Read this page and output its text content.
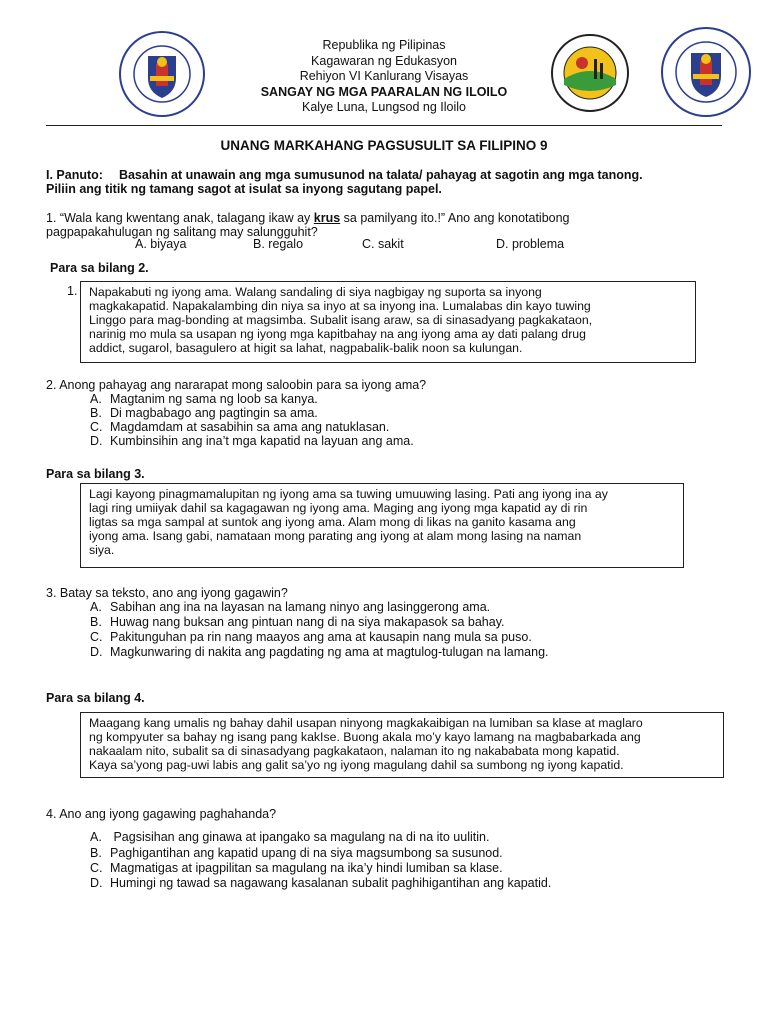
Republika ng Pilipinas
Kagawaran ng Edukasyon
Rehiyon VI Kanlurang Visayas
SANGAY NG MGA PAARALAN NG ILOILO
Kalye Luna, Lungsod ng Iloilo
UNANG MARKAHANG PAGSUSULIT SA FILIPINO 9
I. Panuto: Basahin at unawain ang mga sumusunod na talata/ pahayag at sagotin ang mga tanong.
Piliin ang titik ng tamang sagot at isulat sa inyong sagutang papel.
1. “Wala kang kwentang anak, talagang ikaw ay krus sa pamilyang ito.!” Ano ang konotatibong
pagpapakahulugan ng salitang may salungguhit?
A. biyaya	B. regalo	C. sakit	D. problema
Para sa bilang 2.
1. Napakabuti ng iyong ama. Walang sandaling di siya nagbigay ng suporta sa inyong
magkakapatid. Napakalambing din niya sa inyo at sa inyong ina. Lumalabas din kayo tuwing
Linggo para mag-bonding at magsimba. Subalit isang araw, sa di sinasadyang pagkakataon,
narinig mo mula sa usapan ng iyong mga kapitbahay na ang iyong ama ay dati palang drug
addict, sugarol, basagulero at higit sa lahat, nagpabalik-balik noon sa kulungan.
2. Anong pahayag ang nararapat mong saloobin para sa iyong ama?
A. Magtanim ng sama ng loob sa kanya.
B. Di magbabago ang pagtingin sa ama.
C. Magdamdam at sasabihin sa ama ang natuklasan.
D. Kumbinsihin ang ina’t mga kapatid na layuan ang ama.
Para sa bilang 3.
Lagi kayong pinagmamalupitan ng iyong ama sa tuwing umuuwing lasing. Pati ang iyong ina ay
lagi ring umiiyak dahil sa kagagawan ng iyong ama. Maging ang iyong mga kapatid ay di rin
ligtas sa mga sampal at suntok ang iyong ama. Alam mong di likas na ganito kasama ang
iyong ama. Isang gabi, namataan mong parating ang iyong at alam mong lasing na naman
siya.
3. Batay sa teksto, ano ang iyong gagawin?
A. Sabihan ang ina na layasan na lamang ninyo ang lasinggerong ama.
B. Huwag nang buksan ang pintuan nang di na siya makapasok sa bahay.
C. Pakitunguhan pa rin nang maayos ang ama at kausapin nang mula sa puso.
D. Magkunwaring di nakita ang pagdating ng ama at magtulog-tulugan na lamang.
Para sa bilang 4.
Maagang kang umalis ng bahay dahil usapan ninyong magkakaibigan na lumiban sa klase at maglaro
ng kompyuter sa bahay ng isang pang kakIse. Buong akala mo’y kayo lamang na magbabarkada ang
nakaalam nito, subalit sa di sinasadyang pagkakataon, nalaman ito ng nakababata mong kapatid.
Kaya sa’yong pag-uwi labis ang galit sa’yo ng iyong magulang dahil sa sumbong ng iyong kapatid.
4. Ano ang iyong gagawing paghahanda?
A. Pagsisihan ang ginawa at ipangako sa magulang na di na ito uulitin.
B. Paghigantihan ang kapatid upang di na siya magsumbong sa susunod.
C. Magmatigas at ipagpilitan sa magulang na ika’y hindi lumiban sa klase.
D. Humingi ng tawad sa nagawang kasalanan subalit paghihigantihan ang kapatid.
